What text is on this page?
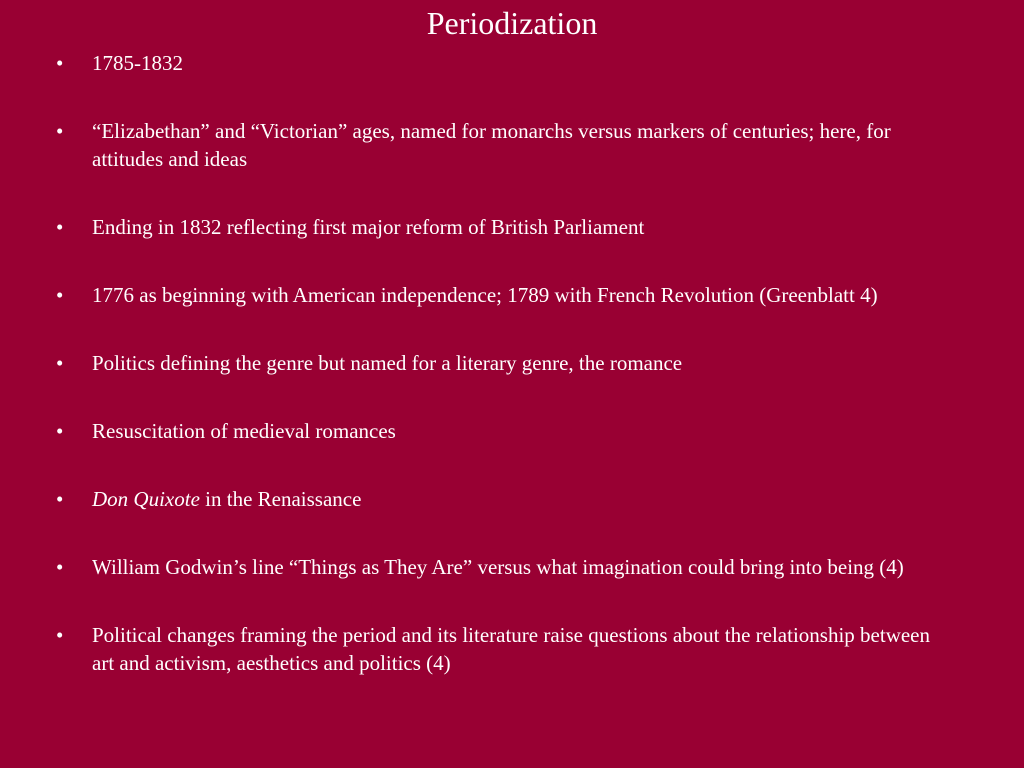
Periodization
•	1785-1832
•	“Elizabethan” and “Victorian” ages, named for monarchs versus markers of centuries; here, for attitudes and ideas
•	Ending in 1832 reflecting first major reform of British Parliament
•	1776 as beginning with American independence; 1789 with French Revolution (Greenblatt 4)
•	Politics defining the genre but named for a literary genre, the romance
•	Resuscitation of medieval romances
•	Don Quixote in the Renaissance
•	William Godwin’s line “Things as They Are” versus what imagination could bring into being (4)
•	Political changes framing the period and its literature raise questions about the relationship between art and activism, aesthetics and politics (4)
